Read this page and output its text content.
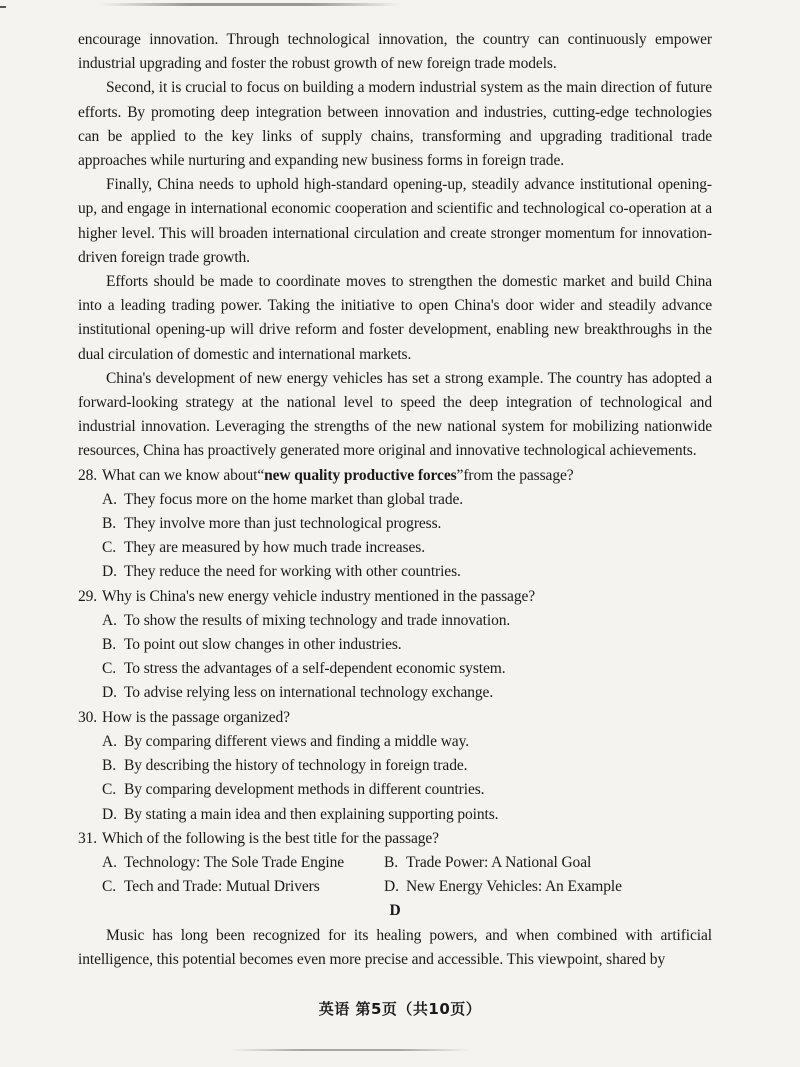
encourage innovation. Through technological innovation, the country can continuously empower industrial upgrading and foster the robust growth of new foreign trade models.

Second, it is crucial to focus on building a modern industrial system as the main direction of future efforts. By promoting deep integration between innovation and industries, cutting-edge technologies can be applied to the key links of supply chains, transforming and upgrading traditional trade approaches while nurturing and expanding new business forms in foreign trade.

Finally, China needs to uphold high-standard opening-up, steadily advance institutional opening-up, and engage in international economic cooperation and scientific and technological co-operation at a higher level. This will broaden international circulation and create stronger momentum for innovation-driven foreign trade growth.

Efforts should be made to coordinate moves to strengthen the domestic market and build China into a leading trading power. Taking the initiative to open China's door wider and steadily advance institutional opening-up will drive reform and foster development, enabling new breakthroughs in the dual circulation of domestic and international markets.

China's development of new energy vehicles has set a strong example. The country has adopted a forward-looking strategy at the national level to speed the deep integration of technological and industrial innovation. Leveraging the strengths of the new national system for mobilizing nationwide resources, China has proactively generated more original and innovative technological achievements.

28. What can we know about“new quality productive forces”from the passage?

A. They focus more on the home market than global trade.

B. They involve more than just technological progress.

C. They are measured by how much trade increases.

D. They reduce the need for working with other countries.

29. Why is China's new energy vehicle industry mentioned in the passage?

A. To show the results of mixing technology and trade innovation.

B. To point out slow changes in other industries.

C. To stress the advantages of a self-dependent economic system.

D. To advise relying less on international technology exchange.

30. How is the passage organized?

A. By comparing different views and finding a middle way.

B. By describing the history of technology in foreign trade.

C. By comparing development methods in different countries.

D. By stating a main idea and then explaining supporting points.

31. Which of the following is the best title for the passage?

A. Technology: The Sole Trade Engine	B. Trade Power: A National Goal
C. Tech and Trade: Mutual Drivers	D. New Energy Vehicles: An Example

D

Music has long been recognized for its healing powers, and when combined with artificial intelligence, this potential becomes even more precise and accessible. This viewpoint, shared by

英语 第5页（共10页）
